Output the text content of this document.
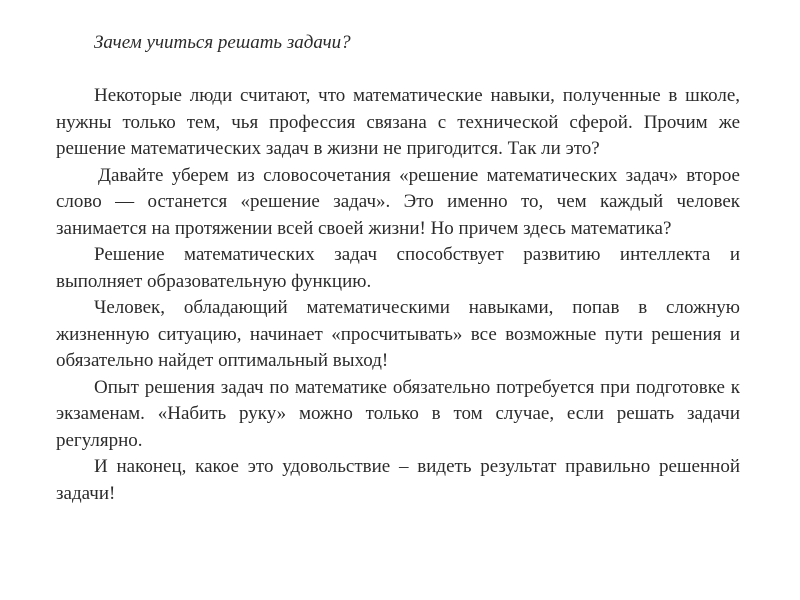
Зачем учиться решать задачи?

Некоторые люди считают, что математические навыки, полученные в школе, нужны только тем, чья профессия связана с технической сферой. Прочим же решение математических задач в жизни не пригодится. Так ли это?

Давайте уберем из словосочетания «решение математических задач» второе слово — останется «решение задач». Это именно то, чем каждый человек занимается на протяжении всей своей жизни! Но причем здесь математика?

Решение математических задач способствует развитию интеллекта и выполняет образовательную функцию.

Человек, обладающий математическими навыками, попав в сложную жизненную ситуацию, начинает «просчитывать» все возможные пути решения и обязательно найдет оптимальный выход!

Опыт решения задач по математике обязательно потребуется при подготовке к экзаменам. «Набить руку» можно только в том случае, если решать задачи регулярно.

И наконец, какое это удовольствие – видеть результат правильно решенной задачи!
